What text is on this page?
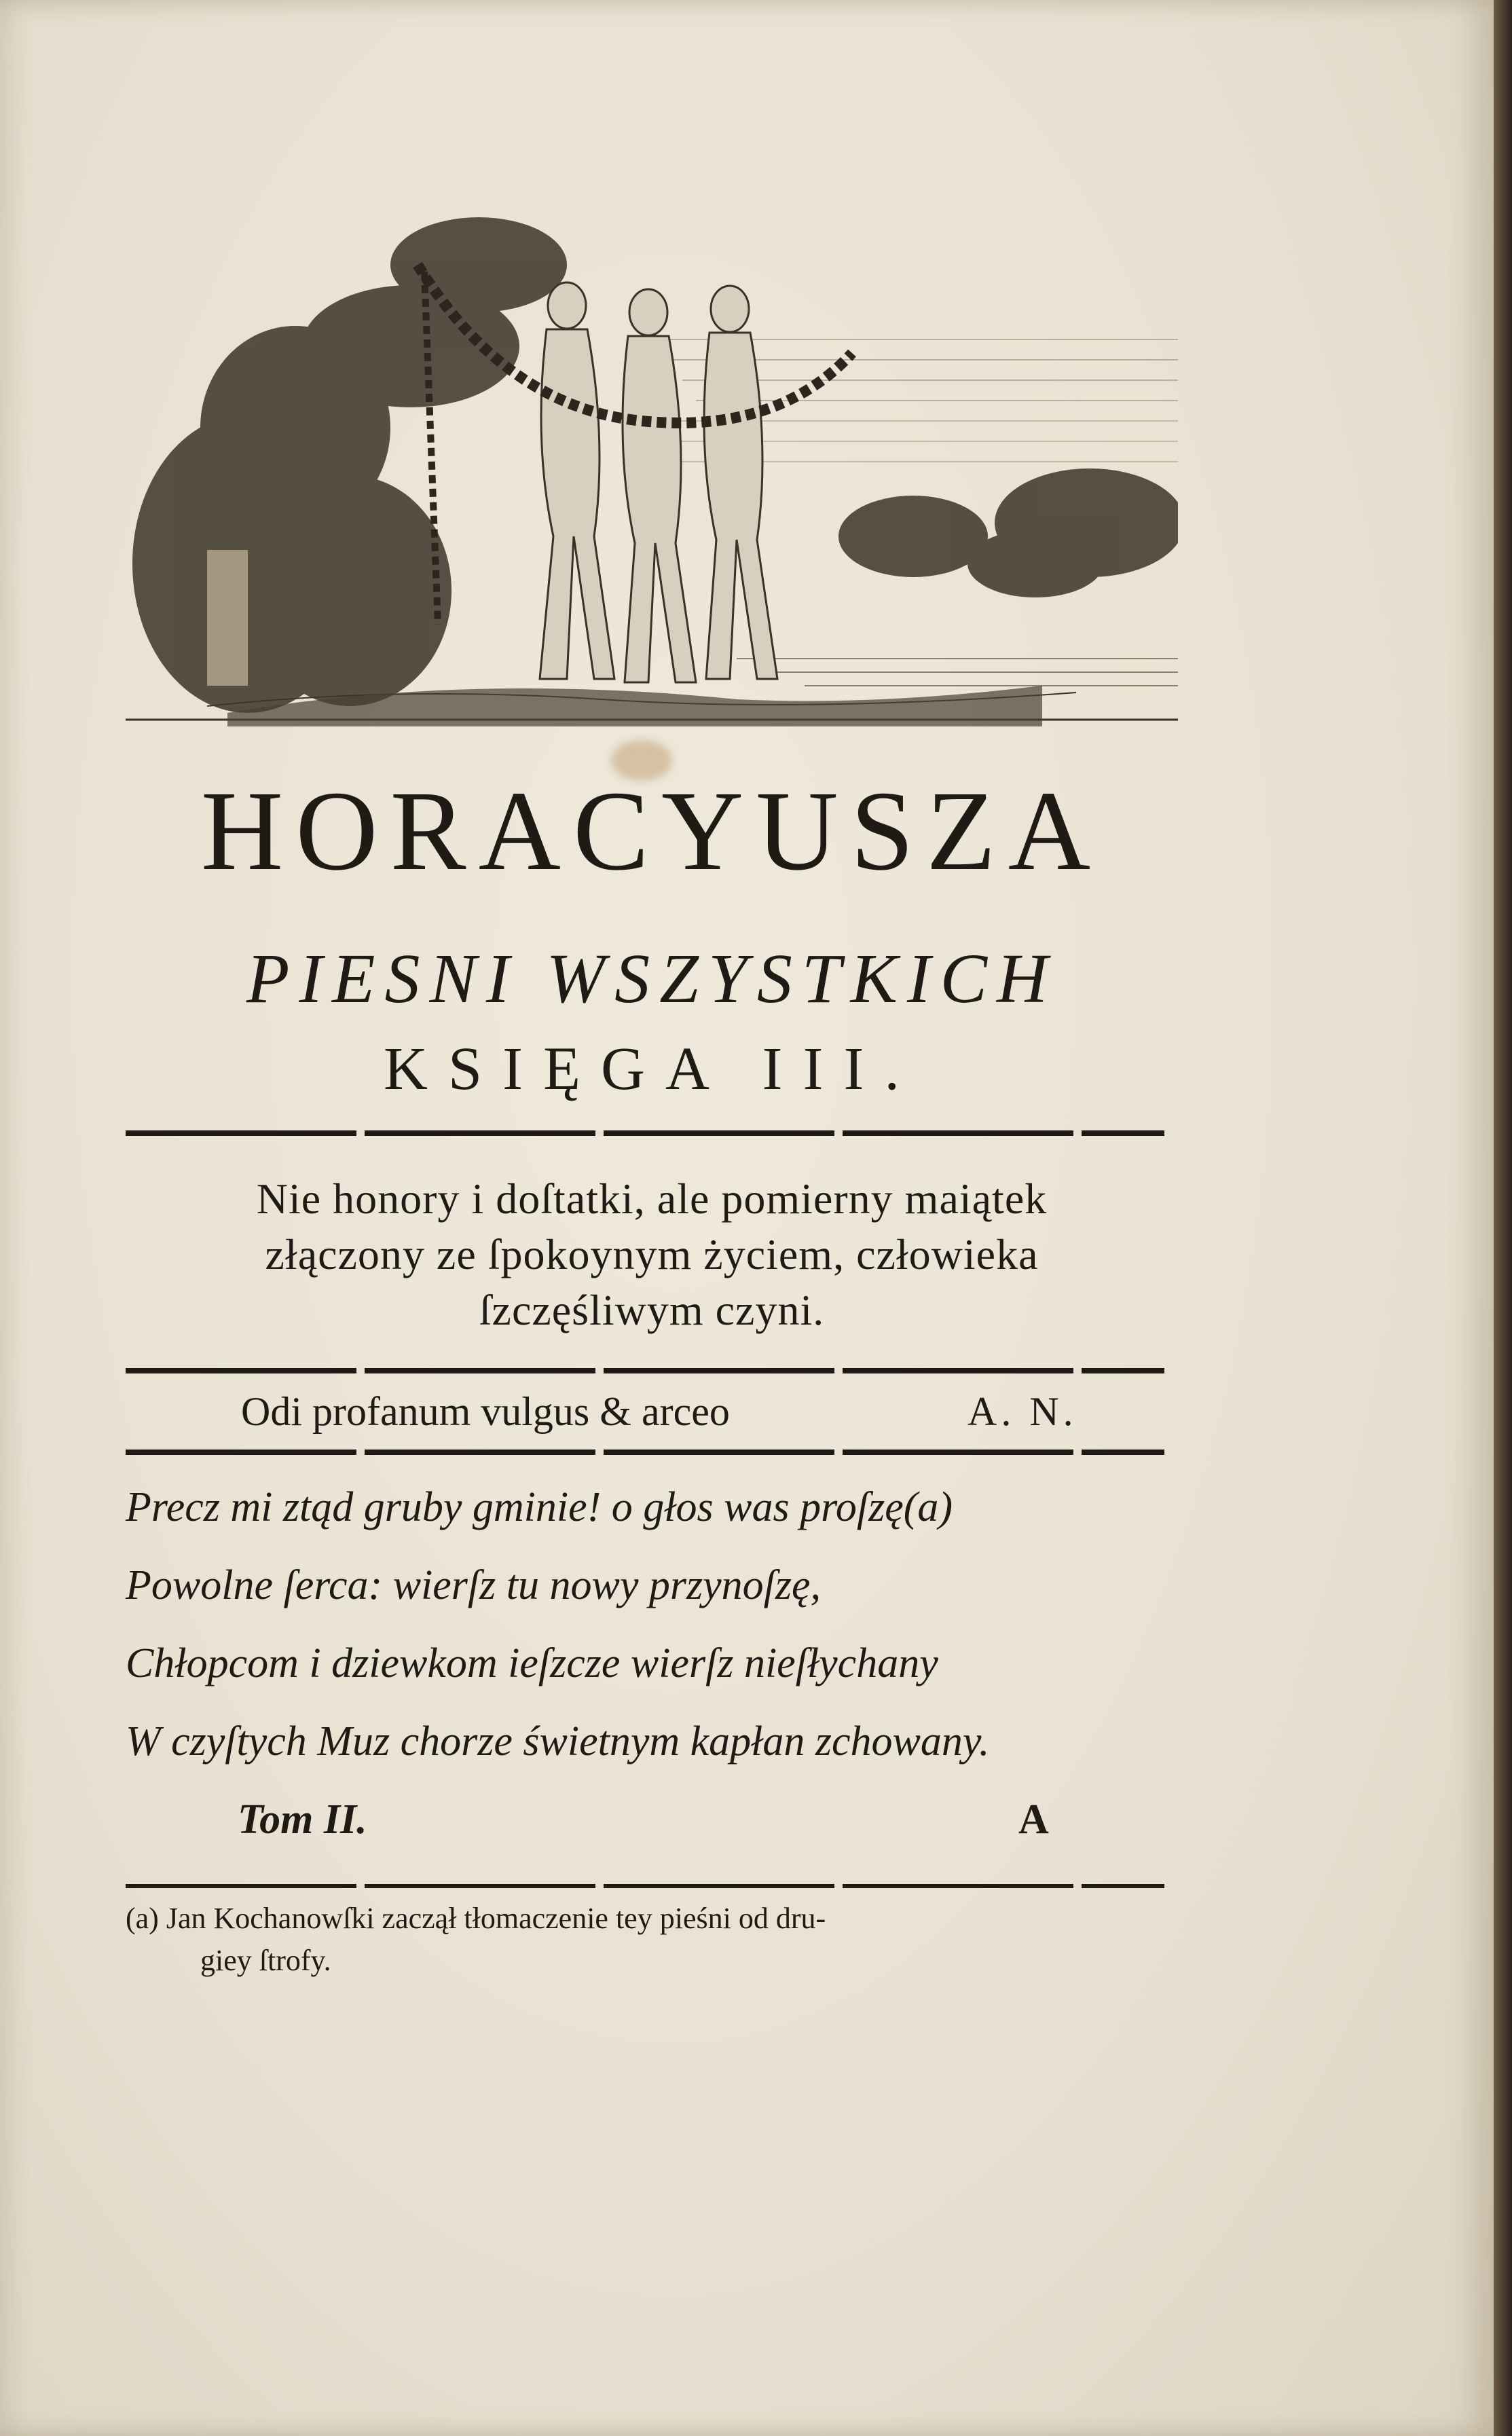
HORACYUSZA
PIESNI WSZYSTKICH
KSIĘGA III.
Nie honory i doſtatki, ale pomierny maiątek
złączony ze ſpokoynym życiem, człowieka
ſzczęśliwym czyni.
Odi profanum vulgus & arceo	A. N.
Precz mi ztąd gruby gminie! o głos was proſzę(a)
Powolne ſerca: wierſz tu nowy przynoſzę,
Chłopcom i dziewkom ieſzcze wierſz nieſłychany
W czyſtych Muz chorze świetnym kapłan zchowany.
Tom II.	A
(a) Jan Kochanowſki zaczął tłomaczenie tey pieśni od dru-
giey ſtrofy.
